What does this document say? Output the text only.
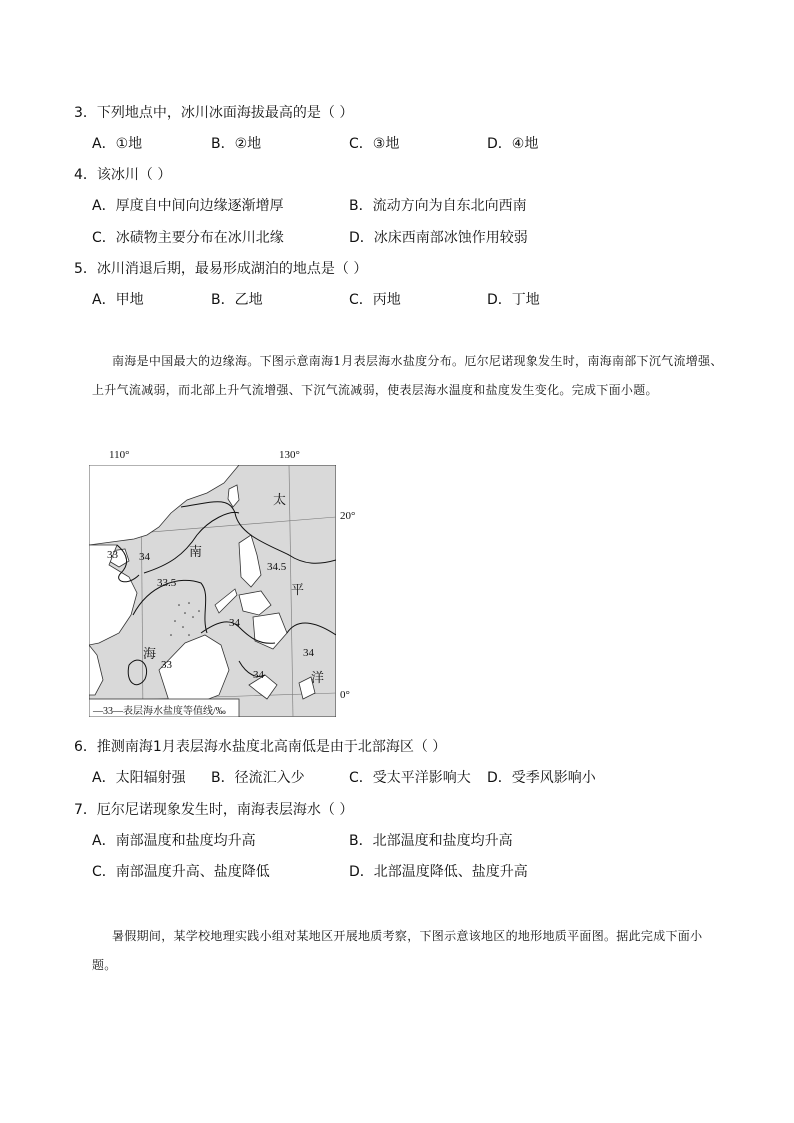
3．下列地点中，冰川冰面海拔最高的是（ ）
A．①地	B．②地	C．③地	D．④地
4．该冰川（ ）
A．厚度自中间向边缘逐渐增厚	B．流动方向为自东北向西南
C．冰碛物主要分布在冰川北缘	D．冰床西南部冰蚀作用较弱
5．冰川消退后期，最易形成湖泊的地点是（ ）
A．甲地	B．乙地	C．丙地	D．丁地
南海是中国最大的边缘海。下图示意南海1月表层海水盐度分布。厄尔尼诺现象发生时，南海南部下沉气流增强、上升气流减弱，而北部上升气流增强、下沉气流减弱，使表层海水温度和盐度发生变化。完成下面小题。
110°	130°
20°
0°
南
海
太
平
洋
33 34
33.5
34.5
34
33
34
34
—33—表层海水盐度等值线/‰
6．推测南海1月表层海水盐度北高南低是由于北部海区（ ）
A．太阳辐射强 B．径流汇入少	C．受太平洋影响大 D．受季风影响小
7．厄尔尼诺现象发生时，南海表层海水（ ）
A．南部温度和盐度均升高	B．北部温度和盐度均升高
C．南部温度升高、盐度降低	D．北部温度降低、盐度升高
暑假期间，某学校地理实践小组对某地区开展地质考察，下图示意该地区的地形地质平面图。据此完成下面小题。
